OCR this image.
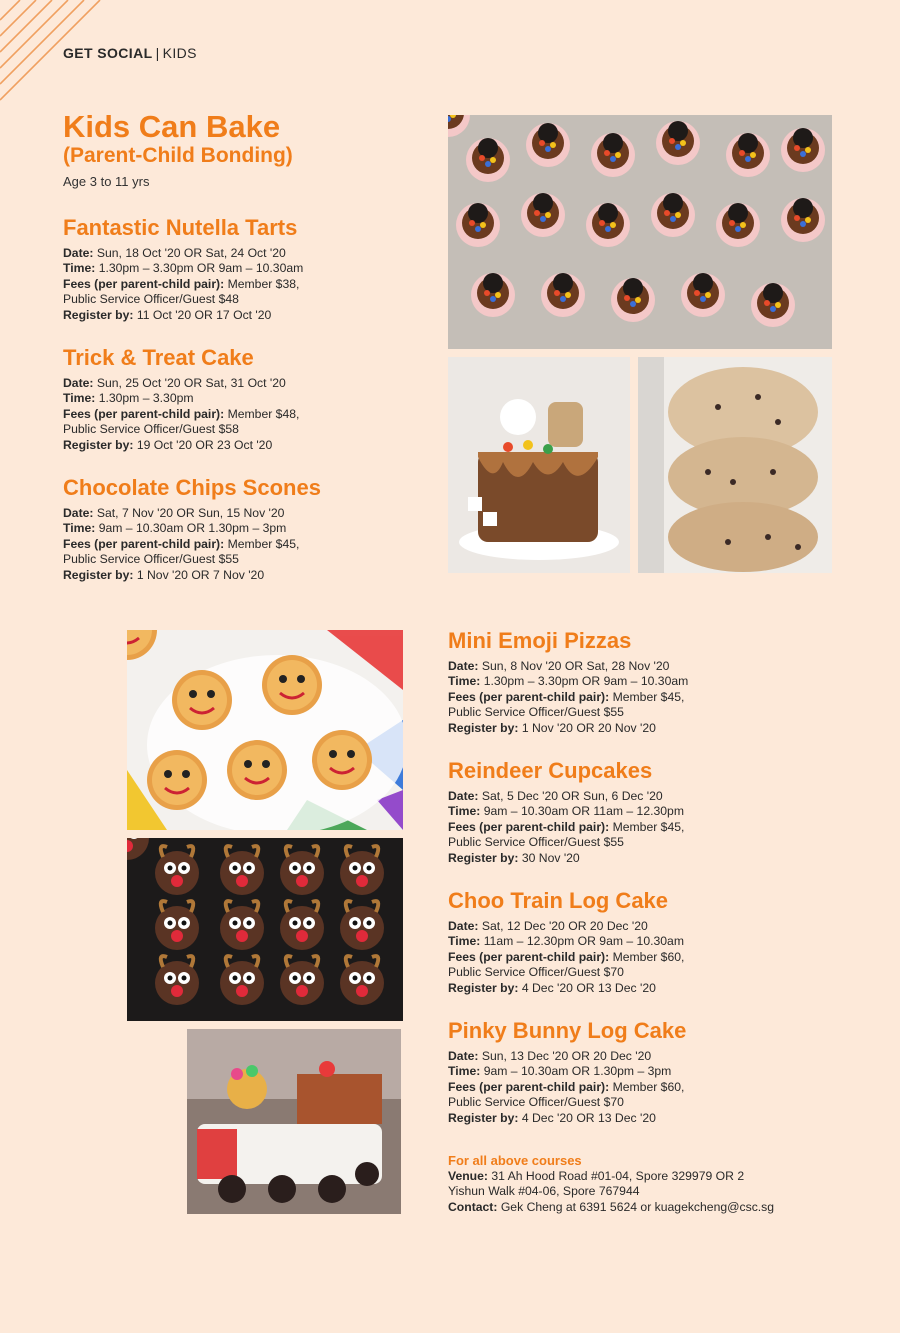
GET SOCIAL | KIDS
Kids Can Bake
(Parent-Child Bonding)
Age 3 to 11 yrs
Fantastic Nutella Tarts
Date: Sun, 18 Oct '20 OR Sat, 24 Oct '20
Time: 1.30pm – 3.30pm OR 9am – 10.30am
Fees (per parent-child pair): Member $38,
Public Service Officer/Guest $48
Register by: 11 Oct '20 OR 17 Oct '20
Trick & Treat Cake
Date: Sun, 25 Oct '20 OR Sat, 31 Oct '20
Time: 1.30pm – 3.30pm
Fees (per parent-child pair): Member $48,
Public Service Officer/Guest $58
Register by: 19 Oct '20 OR 23 Oct '20
Chocolate Chips Scones
Date: Sat, 7 Nov '20 OR Sun, 15 Nov '20
Time: 9am – 10.30am OR 1.30pm – 3pm
Fees (per parent-child pair): Member $45,
Public Service Officer/Guest $55
Register by: 1 Nov '20 OR 7 Nov '20
Mini Emoji Pizzas
Date: Sun, 8 Nov '20 OR Sat, 28 Nov '20
Time: 1.30pm – 3.30pm OR 9am – 10.30am
Fees (per parent-child pair): Member $45,
Public Service Officer/Guest $55
Register by: 1 Nov '20 OR 20 Nov '20
Reindeer Cupcakes
Date: Sat, 5 Dec '20 OR Sun, 6 Dec '20
Time: 9am – 10.30am OR 11am – 12.30pm
Fees (per parent-child pair): Member $45,
Public Service Officer/Guest $55
Register by: 30 Nov '20
Choo Train Log Cake
Date: Sat, 12 Dec '20 OR 20 Dec '20
Time: 11am – 12.30pm OR 9am – 10.30am
Fees (per parent-child pair): Member $60,
Public Service Officer/Guest $70
Register by: 4 Dec '20 OR 13 Dec '20
Pinky Bunny Log Cake
Date: Sun, 13 Dec '20 OR 20 Dec '20
Time: 9am – 10.30am OR 1.30pm – 3pm
Fees (per parent-child pair): Member $60,
Public Service Officer/Guest $70
Register by: 4 Dec '20 OR 13 Dec '20
For all above courses
Venue: 31 Ah Hood Road #01-04, Spore 329979 OR 2
Yishun Walk #04-06, Spore 767944
Contact: Gek Cheng at 6391 5624 or kuagekcheng@csc.sg
